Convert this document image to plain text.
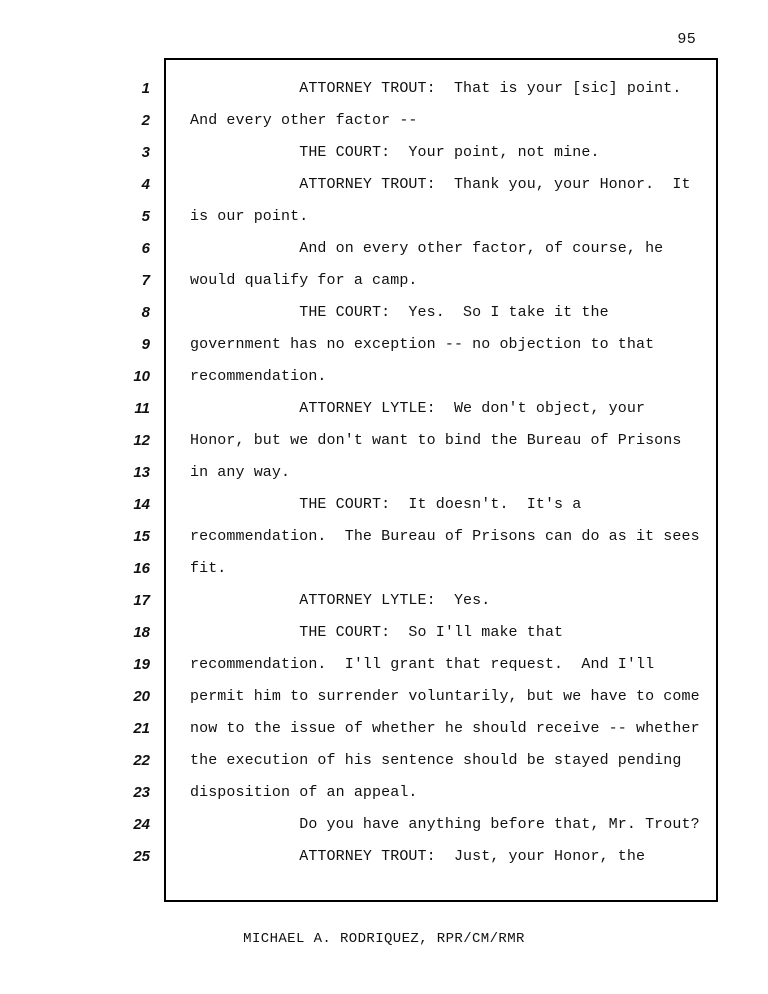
95
1
2
3
4
5
6
7
8
9
10
11
12
13
14
15
16
17
18
19
20
21
22
23
24
25
ATTORNEY TROUT:  That is your [sic] point.
And every other factor --
THE COURT:  Your point, not mine.
ATTORNEY TROUT:  Thank you, your Honor.  It
is our point.
And on every other factor, of course, he
would qualify for a camp.
THE COURT:  Yes.  So I take it the
government has no exception -- no objection to that
recommendation.
ATTORNEY LYTLE:  We don't object, your
Honor, but we don't want to bind the Bureau of Prisons
in any way.
THE COURT:  It doesn't.  It's a
recommendation.  The Bureau of Prisons can do as it sees
fit.
ATTORNEY LYTLE:  Yes.
THE COURT:  So I'll make that
recommendation.  I'll grant that request.  And I'll
permit him to surrender voluntarily, but we have to come
now to the issue of whether he should receive -- whether
the execution of his sentence should be stayed pending
disposition of an appeal.
Do you have anything before that, Mr. Trout?
ATTORNEY TROUT:  Just, your Honor, the
MICHAEL A. RODRIQUEZ, RPR/CM/RMR
